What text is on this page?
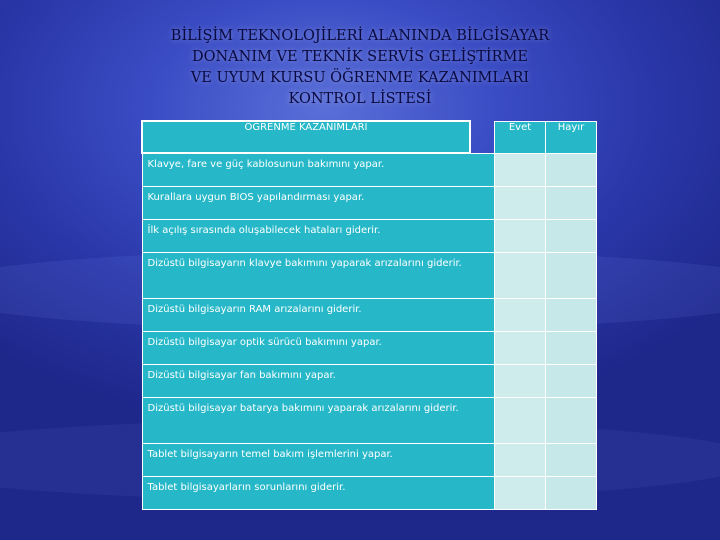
BİLİŞİM TEKNOLOJİLERİ ALANINDA BİLGİSAYAR
DONANIM VE TEKNİK SERVİS GELİŞTİRME
VE UYUM KURSU ÖĞRENME KAZANIMLARI
KONTROL LİSTESİ
ÖĞRENME KAZANIMLARI		Evet	Hayır
Klavye, fare ve güç kablosunun bakımını yapar.			
Kurallara uygun BIOS yapılandırması yapar.			
İlk açılış sırasında oluşabilecek hataları giderir.			
Dizüstü bilgisayarın klavye bakımını yaparak arızalarını giderir.			
Dizüstü bilgisayarın RAM arızalarını giderir.			
Dizüstü bilgisayar optik sürücü bakımını yapar.			
Dizüstü bilgisayar fan bakımını yapar.			
Dizüstü bilgisayar batarya bakımını yaparak arızalarını giderir.			
Tablet bilgisayarın temel bakım işlemlerini yapar.			
Tablet bilgisayarların sorunlarını giderir.			
